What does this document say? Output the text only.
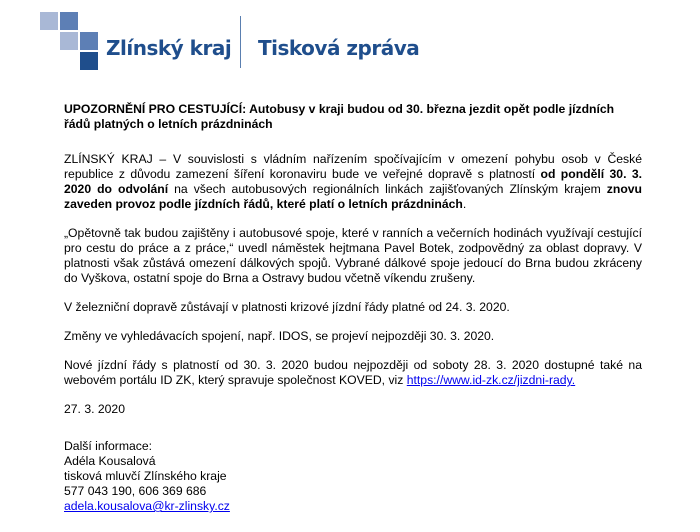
Zlínský kraj Tisková zpráva

UPOZORNĚNÍ PRO CESTUJÍCÍ: Autobusy v kraji budou od 30. března jezdit opět podle jízdních řádů platných o letních prázdninách

ZLÍNSKÝ KRAJ – V souvislosti s vládním nařízením spočívajícím v omezení pohybu osob v České republice z důvodu zamezení šíření koronaviru bude ve veřejné dopravě s platností od pondělí 30. 3. 2020 do odvolání na všech autobusových regionálních linkách zajišťovaných Zlínským krajem znovu zaveden provoz podle jízdních řádů, které platí o letních prázdninách.

„Opětovně tak budou zajištěny i autobusové spoje, které v ranních a večerních hodinách využívají cestující pro cestu do práce a z práce,“ uvedl náměstek hejtmana Pavel Botek, zodpovědný za oblast dopravy. V platnosti však zůstává omezení dálkových spojů. Vybrané dálkové spoje jedoucí do Brna budou zkráceny do Vyškova, ostatní spoje do Brna a Ostravy budou včetně víkendu zrušeny.

V železniční dopravě zůstávají v platnosti krizové jízdní řády platné od 24. 3. 2020.

Změny ve vyhledávacích spojení, např. IDOS, se projeví nejpozději 30. 3. 2020.

Nové jízdní řády s platností od 30. 3. 2020 budou nejpozději od soboty 28. 3. 2020 dostupné také na webovém portálu ID ZK, který spravuje společnost KOVED, viz https://www.id-zk.cz/jizdni-rady.

27. 3. 2020

Další informace:
Adéla Kousalová
tisková mluvčí Zlínského kraje
577 043 190, 606 369 686
adela.kousalova@kr-zlinsky.cz
